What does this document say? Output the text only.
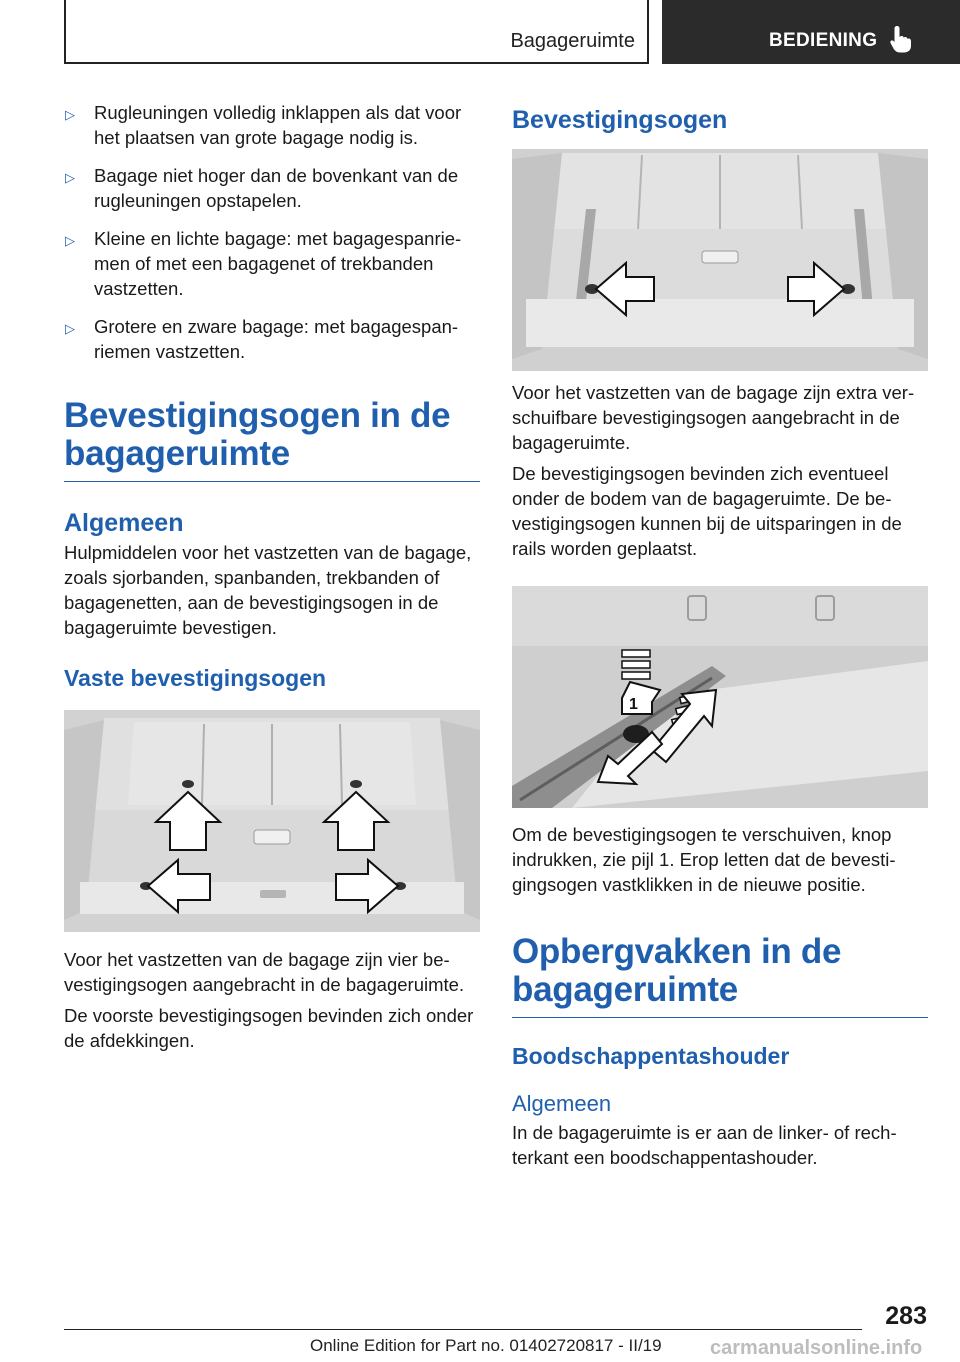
Bagageruimte	BEDIENING
▷ Rugleuningen volledig inklappen als dat voor het plaatsen van grote bagage nodig is.
▷ Bagage niet hoger dan de bovenkant van de rugleuningen opstapelen.
▷ Kleine en lichte bagage: met bagagespanriemen of met een bagagenet of trekbanden vastzetten.
▷ Grotere en zware bagage: met bagagespanriemen vastzetten.
Bevestigingsogen in de bagageruimte
Algemeen

Hulpmiddelen voor het vastzetten van de bagage, zoals sjorbanden, spanbanden, trekbanden of bagagenetten, aan de bevestigingsogen in de bagageruimte bevestigen.

Vaste bevestigingsogen

Voor het vastzetten van de bagage zijn vier bevestigingsogen aangebracht in de bagageruimte.

De voorste bevestigingsogen bevinden zich onder de afdekkingen.

Bevestigingsogen

Voor het vastzetten van de bagage zijn extra verschuifbare bevestigingsogen aangebracht in de bagageruimte.

De bevestigingsogen bevinden zich eventueel onder de bodem van de bagageruimte. De bevestigingsogen kunnen bij de uitsparingen in de rails worden geplaatst.

1

Om de bevestigingsogen te verschuiven, knop indrukken, zie pijl 1. Erop letten dat de bevestigingsogen vastklikken in de nieuwe positie.

Opbergvakken in de bagageruimte
Boodschappentashouder
Algemeen

In de bagageruimte is er aan de linker- of rechterkant een boodschappentashouder.

283
Online Edition for Part no. 01402720817 - II/19 carmanualsonline.info
